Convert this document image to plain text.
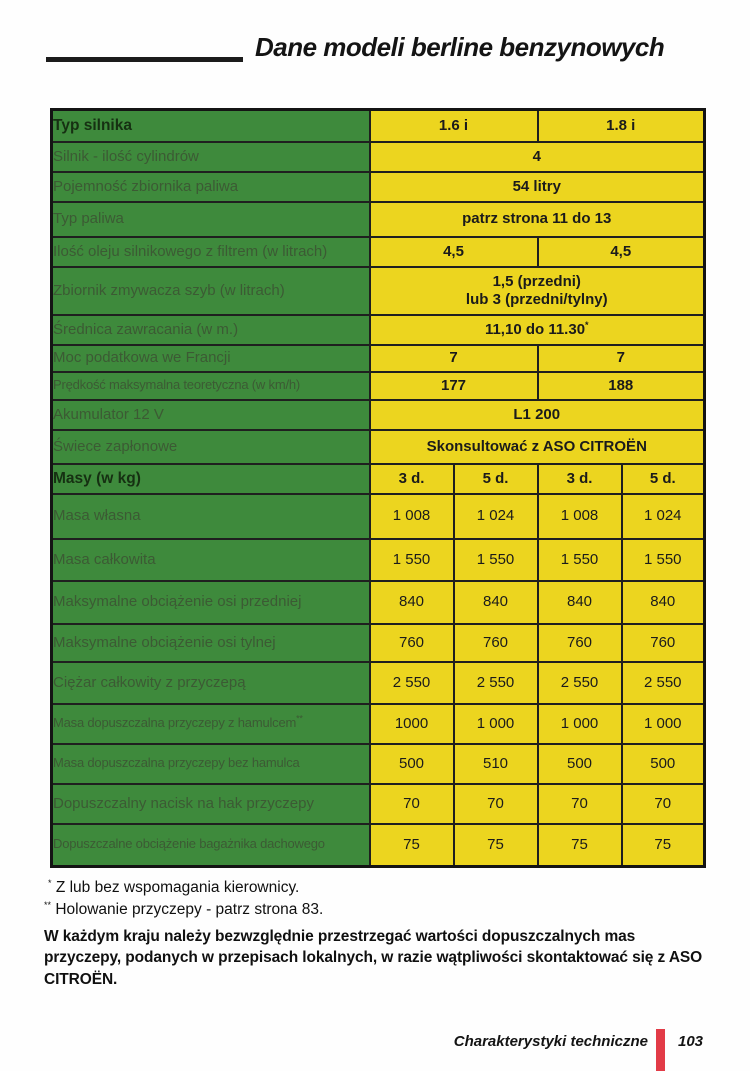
Dane modeli berline benzynowych
Typ silnika	1.6 i		1.8 i	
Silnik - ilość cylindrów	4			
Pojemność zbiornika paliwa	54 litry			
Typ paliwa	patrz strona 11 do 13			
Ilość oleju silnikowego z filtrem (w litrach)	4,5		4,5	
Zbiornik zmywacza szyb (w litrach)	1,5 (przedni)
lub 3 (przedni/tylny)			
Średnica zawracania (w m.)	11,10 do 11.30*
Moc podatkowa we Francji	7		7	
Prędkość maksymalna teoretyczna (w km/h)	177		188	
Akumulator 12 V	L1 200			
Świece zapłonowe	Skonsultować z ASO CITROËN			
Masy (w kg)	3 d.	5 d.	3 d.	5 d.
Masa własna	1 008	1 024	1 008	1 024
Masa całkowita	1 550	1 550	1 550	1 550
Maksymalne obciążenie osi przedniej	840	840	840	840
Maksymalne obciążenie osi tylnej	760	760	760	760
Ciężar całkowity z przyczepą	2 550	2 550	2 550	2 550
Masa dopuszczalna przyczepy z hamulcem**	1000	1 000	1 000	1 000
Masa dopuszczalna przyczepy bez hamulca	500	510	500	500
Dopuszczalny nacisk na hak przyczepy	70	70	70	70
Dopuszczalne obciążenie bagażnika dachowego	75	75	75	75

* Z lub bez wspomagania kierownicy.

** Holowanie przyczepy - patrz strona 83.

W każdym kraju należy bezwzględnie przestrzegać wartości dopuszczalnych mas przyczepy, podanych w przepisach lokalnych, w razie wątpliwości skontaktować się z ASO CITROËN.

Charakterystyki techniczne 103
